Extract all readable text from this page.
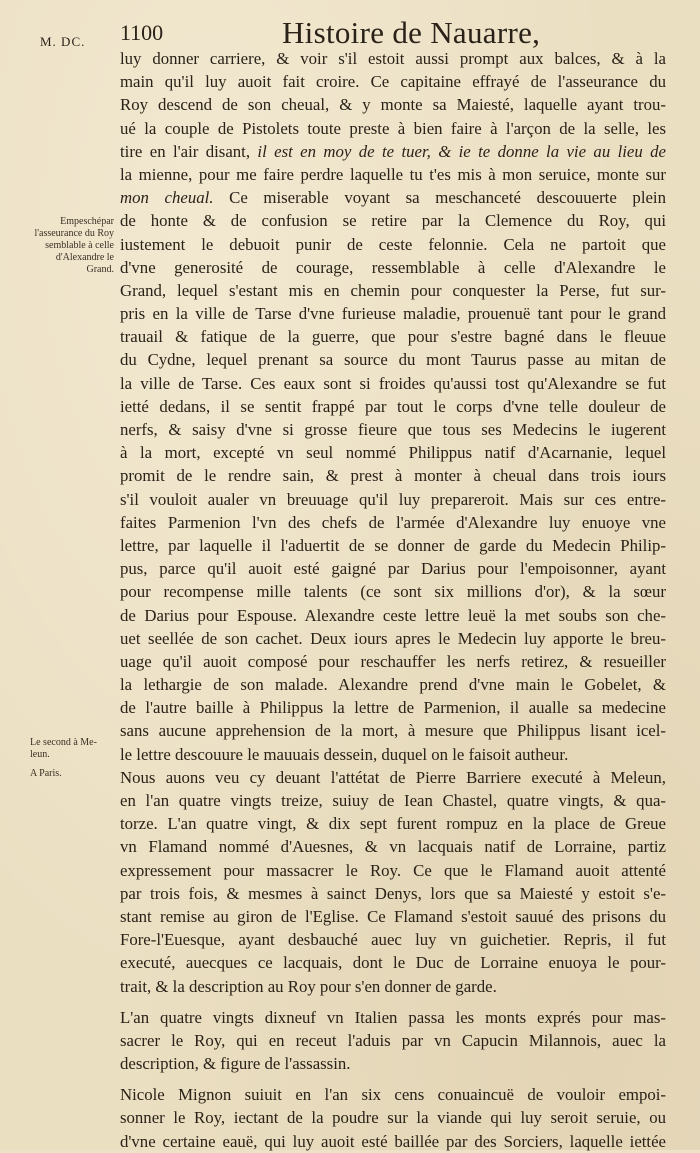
M. DC. 1100	Histoire de Nauarre,
Empeschépar
l'asseurance du Roy
semblable à celle
d'Alexandre le
Grand.
Le second à Me-
leun.
A Paris.
luy donner carriere, & voir s'il estoit aussi prompt aux balces, & à la
main qu'il luy auoit fait croire. Ce capitaine effrayé de l'asseurance du
Roy descend de son cheual, & y monte sa Maiesté, laquelle ayant trou-
ué la couple de Pistolets toute preste à bien faire à l'arçon de la selle, les
tire en l'air disant, il est en moy de te tuer, & ie te donne la vie au lieu de
la mienne, pour me faire perdre laquelle tu t'es mis à mon seruice, monte sur
mon cheual. Ce miserable voyant sa meschanceté descouuerte plein
de honte & de confusion se retire par la Clemence du Roy, qui
iustement le debuoit punir de ceste felonnie. Cela ne partoit que
d'vne generosité de courage, ressemblable à celle d'Alexandre le
Grand, lequel s'estant mis en chemin pour conquester la Perse, fut sur-
pris en la ville de Tarse d'vne furieuse maladie, prouenuë tant pour le grand
trauail & fatique de la guerre, que pour s'estre bagné dans le fleuue
du Cydne, lequel prenant sa source du mont Taurus passe au mitan de
la ville de Tarse. Ces eaux sont si froides qu'aussi tost qu'Alexandre se fut
ietté dedans, il se sentit frappé par tout le corps d'vne telle douleur de
nerfs, & saisy d'vne si grosse fieure que tous ses Medecins le iugerent
à la mort, excepté vn seul nommé Philippus natif d'Acarnanie, lequel
promit de le rendre sain, & prest à monter à cheual dans trois iours
s'il vouloit aualer vn breuuage qu'il luy prepareroit. Mais sur ces entre-
faites Parmenion l'vn des chefs de l'armée d'Alexandre luy enuoye vne
lettre, par laquelle il l'aduertit de se donner de garde du Medecin Philip-
pus, parce qu'il auoit esté gaigné par Darius pour l'empoisonner, ayant
pour recompense mille talents (ce sont six millions d'or), & la sœur
de Darius pour Espouse. Alexandre ceste lettre leuë la met soubs son che-
uet seellée de son cachet. Deux iours apres le Medecin luy apporte le breu-
uage qu'il auoit composé pour reschauffer les nerfs retirez, & resueiller
la lethargie de son malade. Alexandre prend d'vne main le Gobelet, &
de l'autre baille à Philippus la lettre de Parmenion, il aualle sa medecine
sans aucune apprehension de la mort, à mesure que Philippus lisant icel-
le lettre descouure le mauuais dessein, duquel on le faisoit autheur.
Nous auons veu cy deuant l'attétat de Pierre Barriere executé à Meleun,
en l'an quatre vingts treize, suiuy de Iean Chastel, quatre vingts, & qua-
torze. L'an quatre vingt, & dix sept furent rompuz en la place de Greue
vn Flamand nommé d'Auesnes, & vn lacquais natif de Lorraine, partiz
expressement pour massacrer le Roy. Ce que le Flamand auoit attenté
par trois fois, & mesmes à sainct Denys, lors que sa Maiesté y estoit s'e-
stant remise au giron de l'Eglise. Ce Flamand s'estoit sauué des prisons du
Fore-l'Euesque, ayant desbauché auec luy vn guichetier. Repris, il fut
executé, auecques ce lacquais, dont le Duc de Lorraine enuoya le pour-
trait, & la description au Roy pour s'en donner de garde.
L'an quatre vingts dixneuf vn Italien passa les monts exprés pour mas-
sacrer le Roy, qui en receut l'aduis par vn Capucin Milannois, auec la
description, & figure de l'assassin.
Nicole Mignon suiuit en l'an six cens conuaincuë de vouloir empoi-
sonner le Roy, iectant de la poudre sur la viande qui luy seroit seruie, ou
d'vne certaine eauë, qui luy auoit esté baillée par des Sorciers, laquelle iettée
